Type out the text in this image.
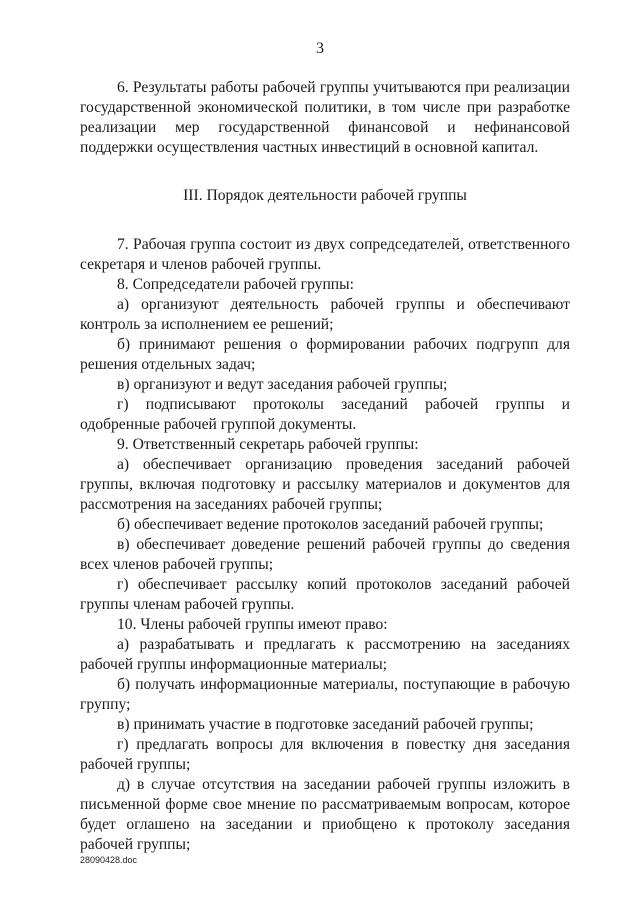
3

6. Результаты работы рабочей группы учитываются при реализации государственной экономической политики, в том числе при разработке реализации мер государственной финансовой и нефинансовой поддержки осуществления частных инвестиций в основной капитал.

III. Порядок деятельности рабочей группы

7. Рабочая группа состоит из двух сопредседателей, ответственного секретаря и членов рабочей группы.

8. Сопредседатели рабочей группы:

а) организуют деятельность рабочей группы и обеспечивают контроль за исполнением ее решений;

б) принимают решения о формировании рабочих подгрупп для решения отдельных задач;

в) организуют и ведут заседания рабочей группы;

г) подписывают протоколы заседаний рабочей группы и одобренные рабочей группой документы.

9. Ответственный секретарь рабочей группы:

а) обеспечивает организацию проведения заседаний рабочей группы, включая подготовку и рассылку материалов и документов для рассмотрения на заседаниях рабочей группы;

б) обеспечивает ведение протоколов заседаний рабочей группы;

в) обеспечивает доведение решений рабочей группы до сведения всех членов рабочей группы;

г) обеспечивает рассылку копий протоколов заседаний рабочей группы членам рабочей группы.

10. Члены рабочей группы имеют право:

а) разрабатывать и предлагать к рассмотрению на заседаниях рабочей группы информационные материалы;

б) получать информационные материалы, поступающие в рабочую группу;

в) принимать участие в подготовке заседаний рабочей группы;

г) предлагать вопросы для включения в повестку дня заседания рабочей группы;

д) в случае отсутствия на заседании рабочей группы изложить в письменной форме свое мнение по рассматриваемым вопросам, которое будет оглашено на заседании и приобщено к протоколу заседания рабочей группы;

28090428.doc
